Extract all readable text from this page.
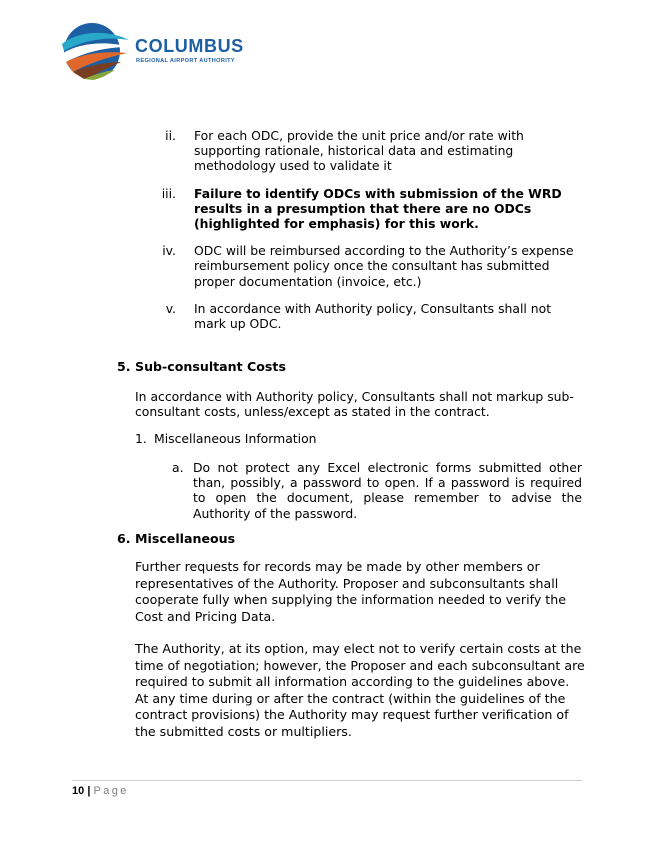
COLUMBUS
REGIONAL AIRPORT AUTHORITY
ii. For each ODC, provide the unit price and/or rate with supporting rationale, historical data and estimating methodology used to validate it
iii. Failure to identify ODCs with submission of the WRD results in a presumption that there are no ODCs (highlighted for emphasis) for this work.
iv. ODC will be reimbursed according to the Authority’s expense reimbursement policy once the consultant has submitted proper documentation (invoice, etc.)
v. In accordance with Authority policy, Consultants shall not mark up ODC.
5. Sub-consultant Costs
In accordance with Authority policy, Consultants shall not markup sub-consultant costs, unless/except as stated in the contract.
1. Miscellaneous Information
a. Do not protect any Excel electronic forms submitted other than, possibly, a password to open. If a password is required to open the document, please remember to advise the Authority of the password.
6. Miscellaneous
Further requests for records may be made by other members or representatives of the Authority. Proposer and subconsultants shall cooperate fully when supplying the information needed to verify the Cost and Pricing Data.
The Authority, at its option, may elect not to verify certain costs at the time of negotiation; however, the Proposer and each subconsultant are required to submit all information according to the guidelines above. At any time during or after the contract (within the guidelines of the contract provisions) the Authority may request further verification of the submitted costs or multipliers.
10 | Page
